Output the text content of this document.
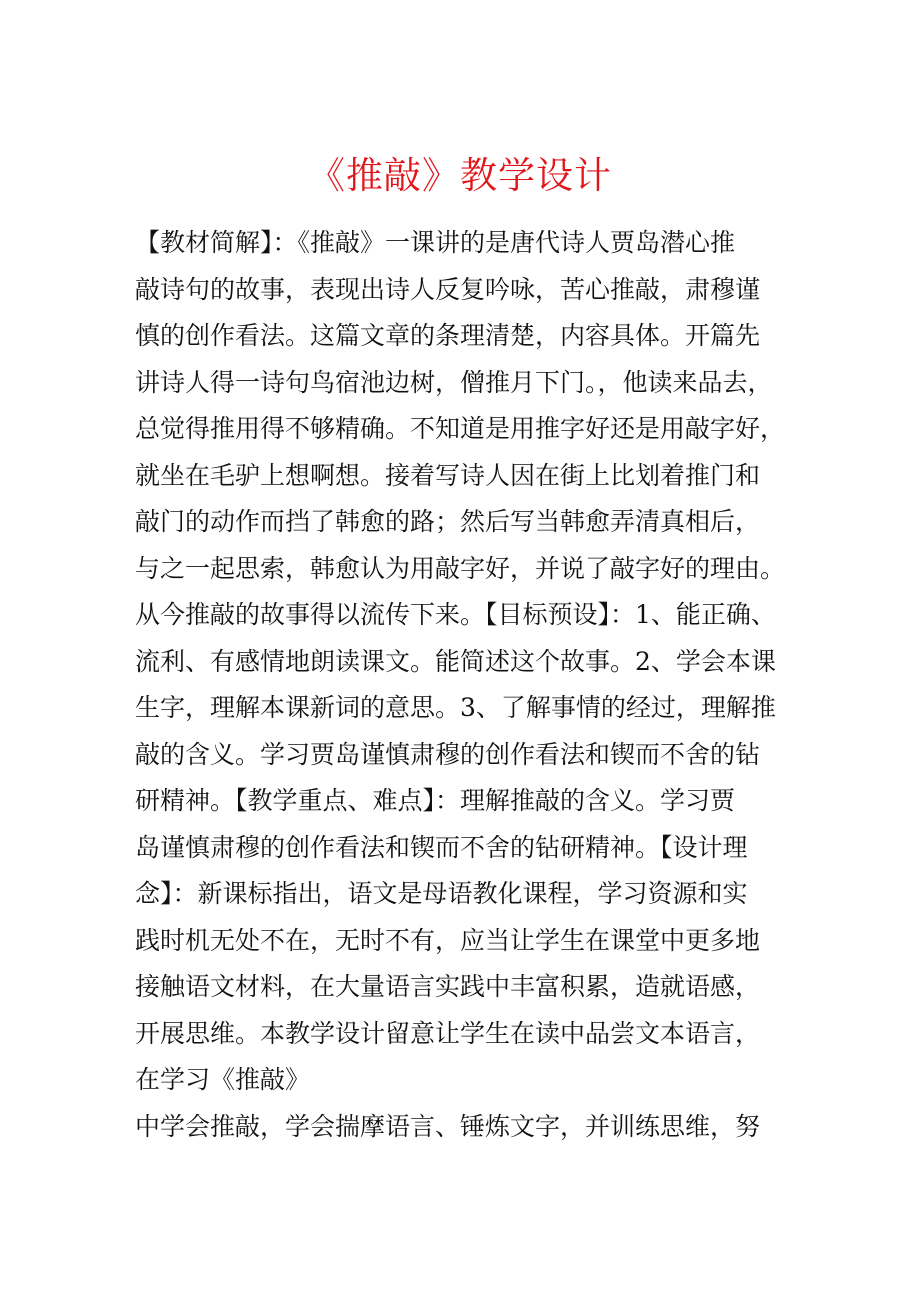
《推敲》教学设计
【教材简解】：《推敲》一课讲的是唐代诗人贾岛潜心推
敲诗句的故事，表现出诗人反复吟咏，苦心推敲，肃穆谨
慎的创作看法。这篇文章的条理清楚，内容具体。开篇先
讲诗人得一诗句鸟宿池边树，僧推月下门。，他读来品去，
总觉得推用得不够精确。不知道是用推字好还是用敲字好，
就坐在毛驴上想啊想。接着写诗人因在街上比划着推门和
敲门的动作而挡了韩愈的路；然后写当韩愈弄清真相后，
与之一起思索，韩愈认为用敲字好，并说了敲字好的理由。
从今推敲的故事得以流传下来。【目标预设】：1、能正确、
流利、有感情地朗读课文。能简述这个故事。2、学会本课
生字，理解本课新词的意思。3、了解事情的经过，理解推
敲的含义。学习贾岛谨慎肃穆的创作看法和锲而不舍的钻
研精神。【教学重点、难点】：理解推敲的含义。学习贾
岛谨慎肃穆的创作看法和锲而不舍的钻研精神。【设计理
念】：新课标指出，语文是母语教化课程，学习资源和实
践时机无处不在，无时不有，应当让学生在课堂中更多地
接触语文材料，在大量语言实践中丰富积累，造就语感，
开展思维。本教学设计留意让学生在读中品尝文本语言，
在学习《推敲》
中学会推敲，学会揣摩语言、锤炼文字，并训练思维，努
